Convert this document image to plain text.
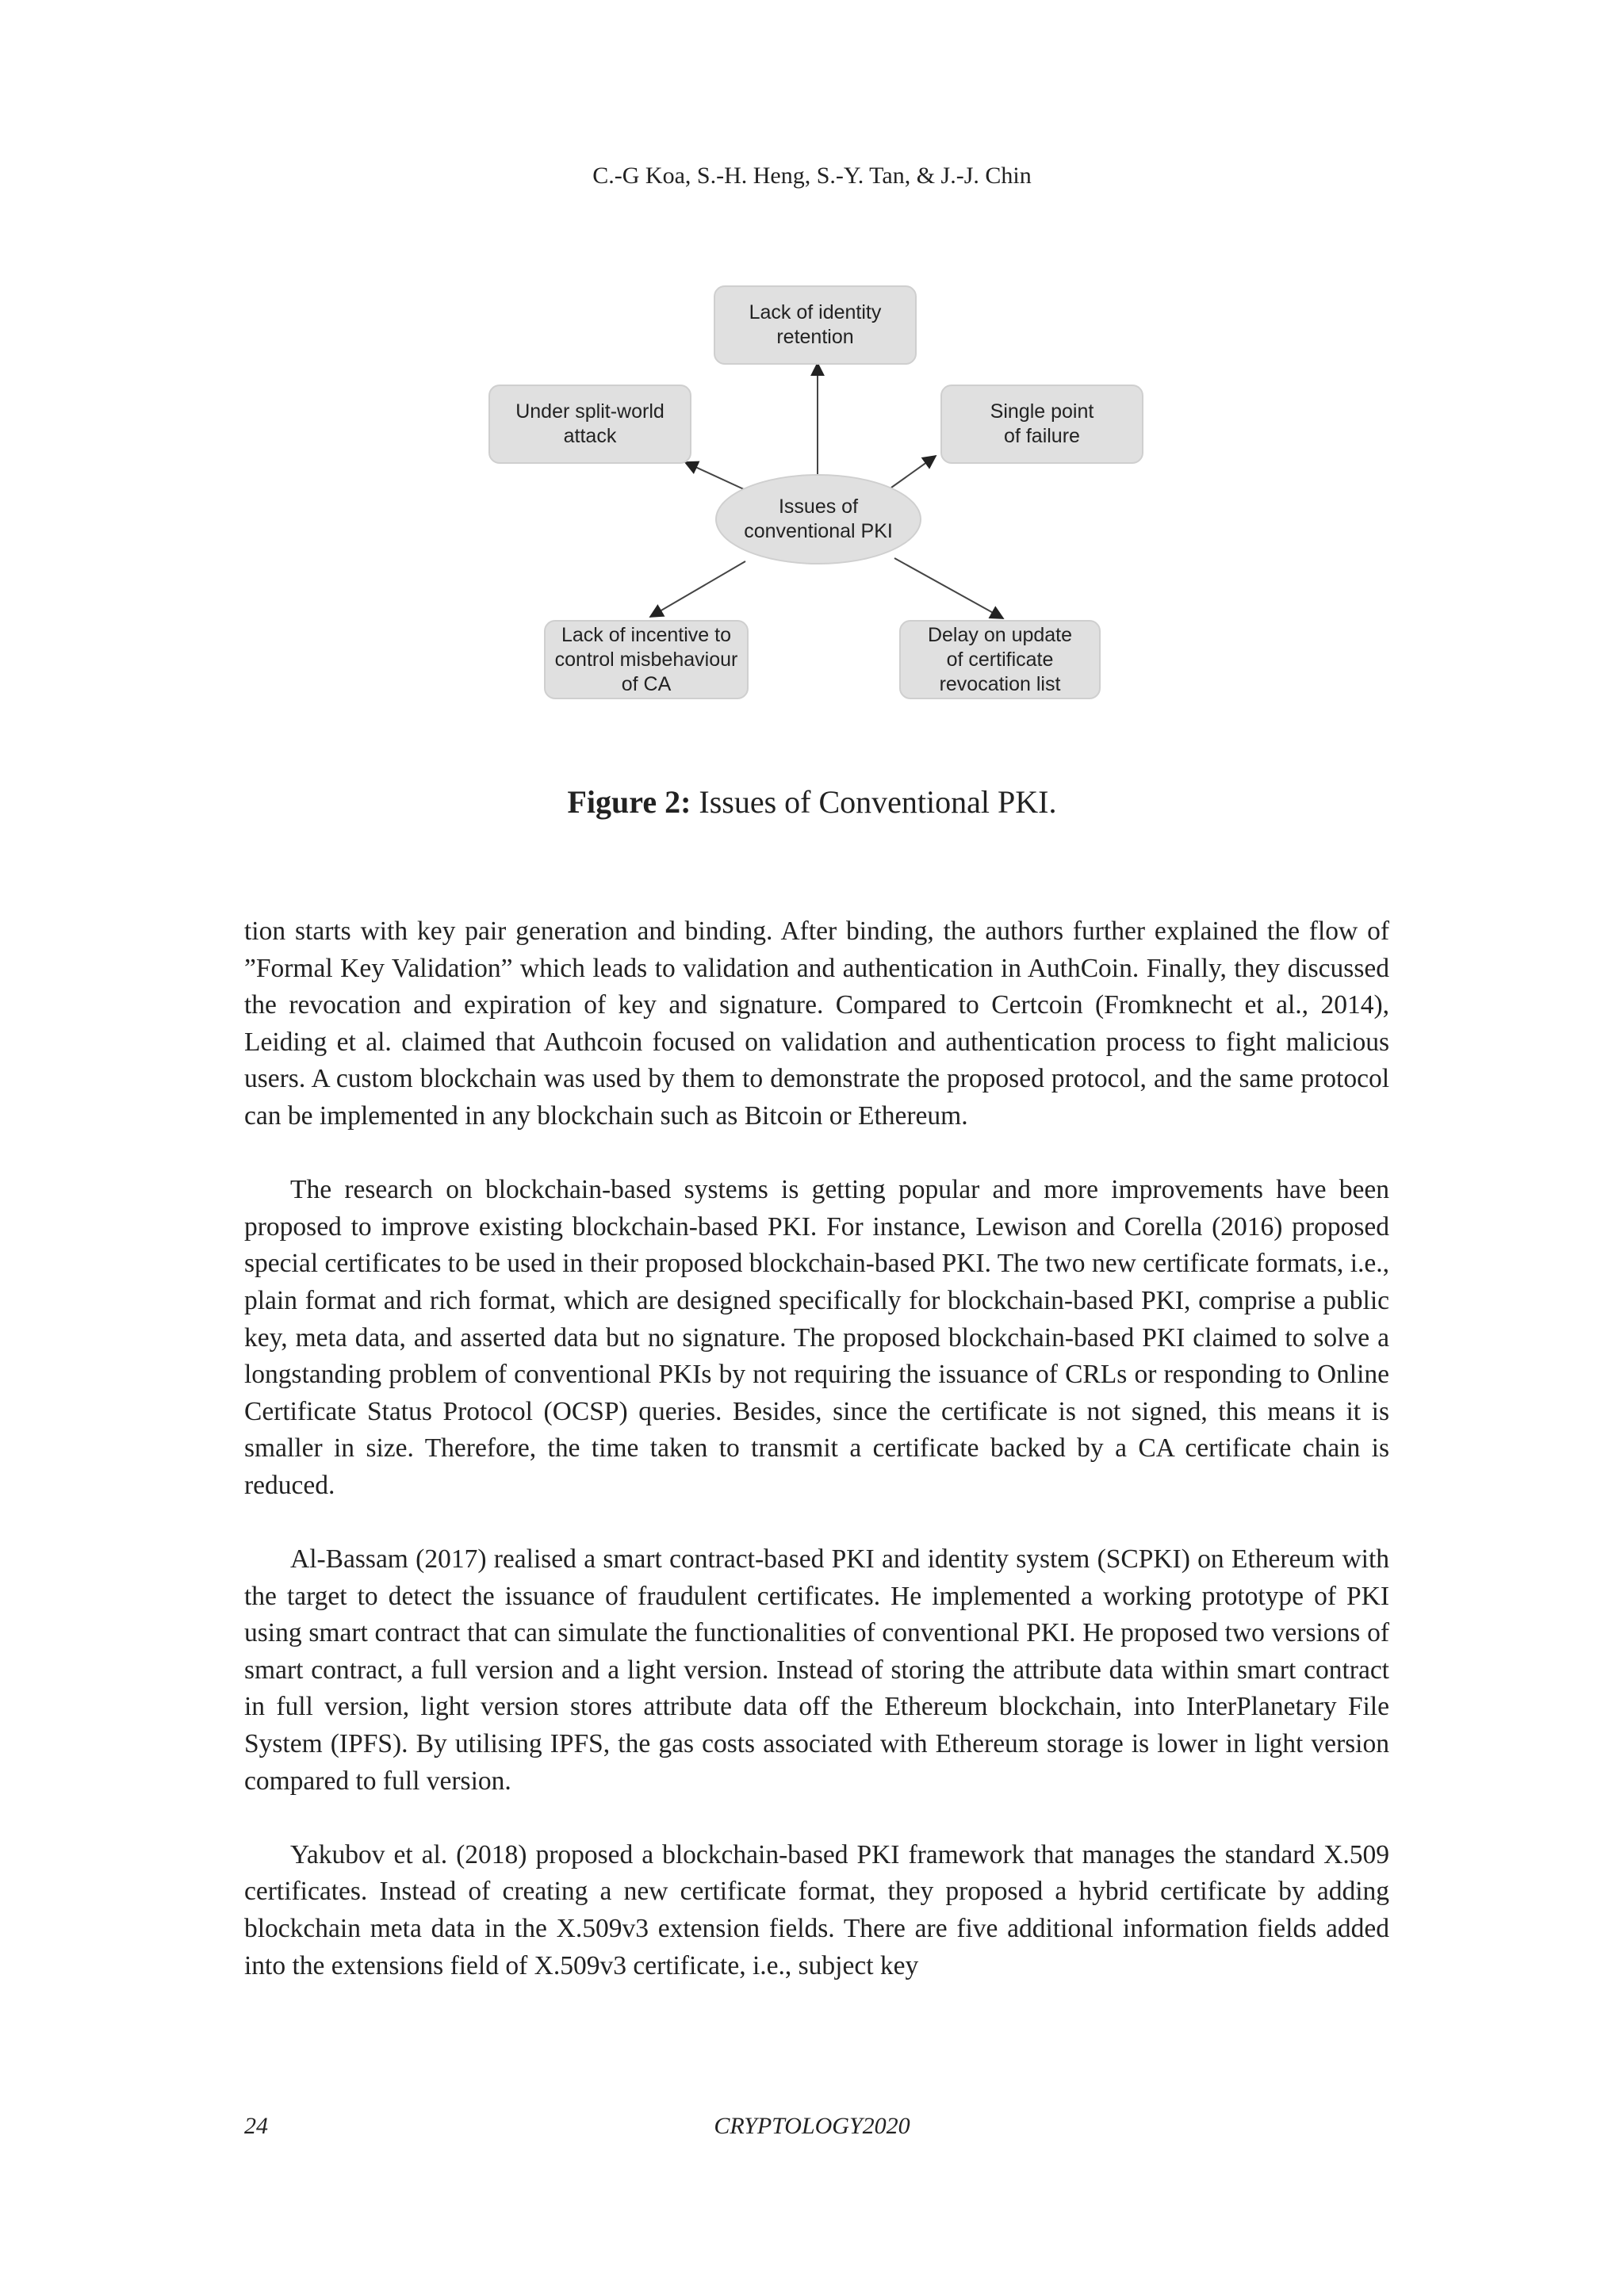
C.-G Koa, S.-H. Heng, S.-Y. Tan, & J.-J. Chin
Lack of identity
retention
Under split-world
attack
Single point
of failure
Issues of
conventional PKI
Lack of incentive to
control misbehaviour
of CA
Delay on update
of certificate
revocation list
Figure 2: Issues of Conventional PKI.

tion starts with key pair generation and binding. After binding, the authors further explained the flow of ”Formal Key Validation” which leads to validation and authentication in AuthCoin. Finally, they discussed the revocation and expiration of key and signature. Compared to Certcoin (Fromknecht et al., 2014), Leiding et al. claimed that Authcoin focused on validation and authentication process to fight malicious users. A custom blockchain was used by them to demonstrate the proposed protocol, and the same protocol can be implemented in any blockchain such as Bitcoin or Ethereum.

The research on blockchain-based systems is getting popular and more improvements have been proposed to improve existing blockchain-based PKI. For instance, Lewison and Corella (2016) proposed special certificates to be used in their proposed blockchain-based PKI. The two new certificate formats, i.e., plain format and rich format, which are designed specifically for blockchain-based PKI, comprise a public key, meta data, and asserted data but no signature. The proposed blockchain-based PKI claimed to solve a longstanding problem of conventional PKIs by not requiring the issuance of CRLs or responding to Online Certificate Status Protocol (OCSP) queries. Besides, since the certificate is not signed, this means it is smaller in size. Therefore, the time taken to transmit a certificate backed by a CA certificate chain is reduced.

Al-Bassam (2017) realised a smart contract-based PKI and identity system (SCPKI) on Ethereum with the target to detect the issuance of fraudulent certificates. He implemented a working prototype of PKI using smart contract that can simulate the functionalities of conventional PKI. He proposed two versions of smart contract, a full version and a light version. Instead of storing the attribute data within smart contract in full version, light version stores attribute data off the Ethereum blockchain, into InterPlanetary File System (IPFS). By utilising IPFS, the gas costs associated with Ethereum storage is lower in light version compared to full version.

Yakubov et al. (2018) proposed a blockchain-based PKI framework that manages the standard X.509 certificates. Instead of creating a new certificate format, they proposed a hybrid certificate by adding blockchain meta data in the X.509v3 extension fields. There are five additional information fields added into the extensions field of X.509v3 certificate, i.e., subject key

24	CRYPTOLOGY2020
